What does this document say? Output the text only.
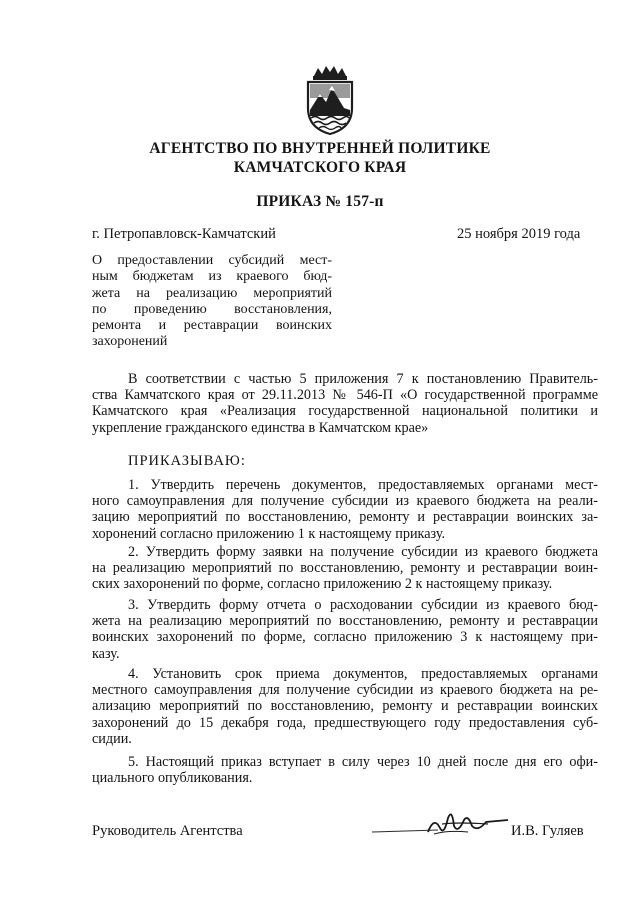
АГЕНТСТВО ПО ВНУТРЕННЕЙ ПОЛИТИКЕ
КАМЧАТСКОГО КРАЯ
ПРИКАЗ № 157-п
г. Петропавловск-Камчатский	25 ноября 2019 года
О предоставлении субсидий мест-
ным бюджетам из краевого бюд-
жета на реализацию мероприятий
по проведению восстановления,
ремонта и реставрации воинских
захоронений
В соответствии с частью 5 приложения 7 к постановлению Правитель-
ства Камчатского края от 29.11.2013 № 546-П «О государственной программе
Камчатского края «Реализация государственной национальной политики и
укрепление гражданского единства в Камчатском крае»
ПРИКАЗЫВАЮ:
1. Утвердить перечень документов, предоставляемых органами мест-
ного самоуправления для получение субсидии из краевого бюджета на реали-
зацию мероприятий по восстановлению, ремонту и реставрации воинских за-
хоронений согласно приложению 1 к настоящему приказу.
2. Утвердить форму заявки на получение субсидии из краевого бюджета
на реализацию мероприятий по восстановлению, ремонту и реставрации воин-
ских захоронений по форме, согласно приложению 2 к настоящему приказу.
3. Утвердить форму отчета о расходовании субсидии из краевого бюд-
жета на реализацию мероприятий по восстановлению, ремонту и реставрации
воинских захоронений по форме, согласно приложению 3 к настоящему при-
казу.
4. Установить срок приема документов, предоставляемых органами
местного самоуправления для получение субсидии из краевого бюджета на ре-
ализацию мероприятий по восстановлению, ремонту и реставрации воинских
захоронений до 15 декабря года, предшествующего году предоставления суб-
сидии.
5. Настоящий приказ вступает в силу через 10 дней после дня его офи-
циального опубликования.
Руководитель Агентства	И.В. Гуляев
